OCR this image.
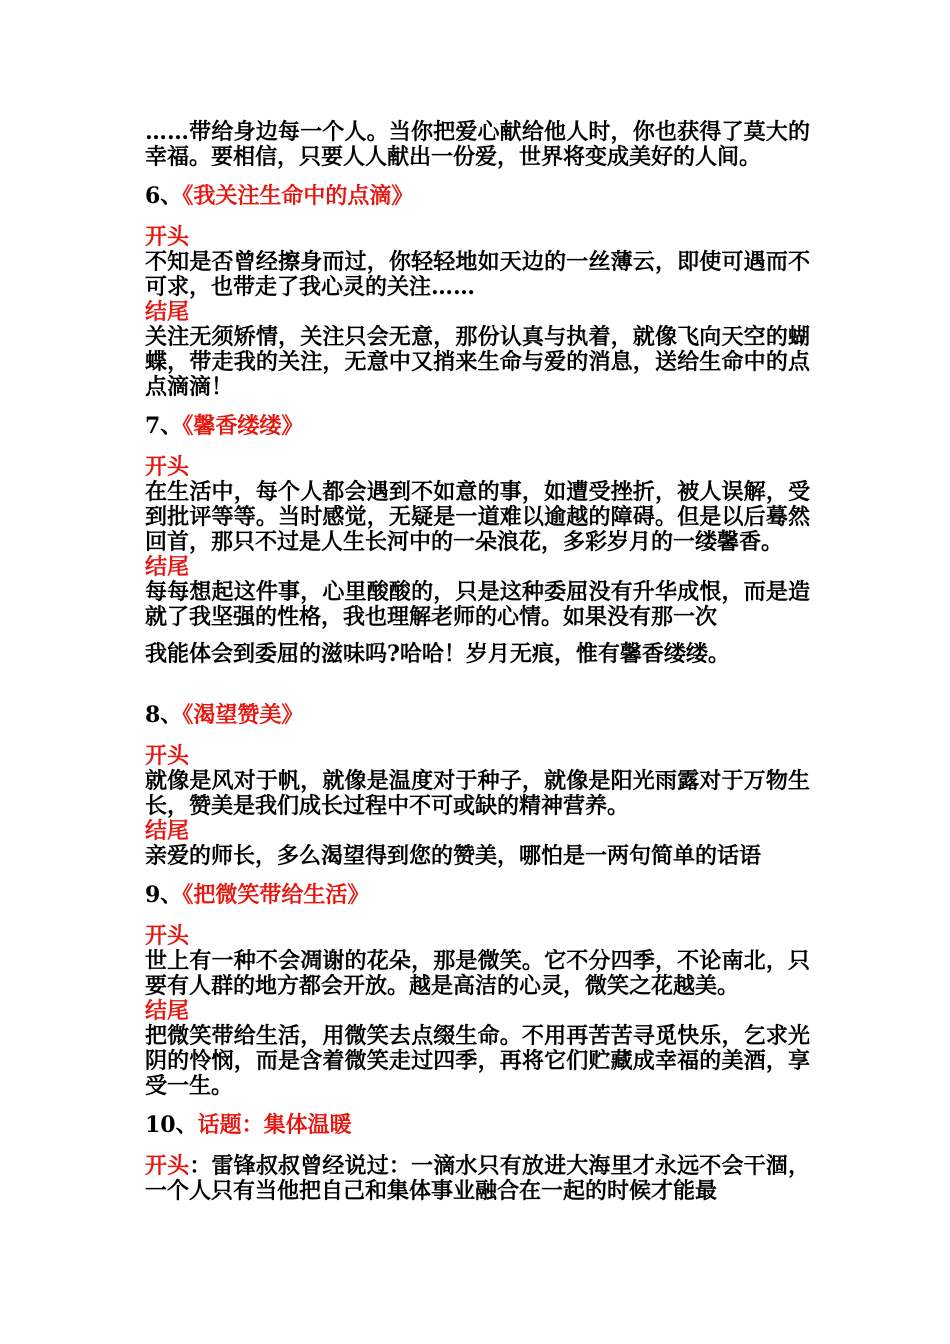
……带给身边每一个人。当你把爱心献给他人时，你也获得了莫大的幸福。要相信，只要人人献出一份爱，世界将变成美好的人间。

6、《我关注生命中的点滴》

开头

不知是否曾经擦身而过，你轻轻地如天边的一丝薄云，即使可遇而不可求，也带走了我心灵的关注……

结尾

关注无须矫情，关注只会无意，那份认真与执着，就像飞向天空的蝴蝶，带走我的关注，无意中又捎来生命与爱的消息，送给生命中的点点滴滴！

7、《馨香缕缕》

开头

在生活中，每个人都会遇到不如意的事，如遭受挫折，被人误解，受到批评等等。当时感觉，无疑是一道难以逾越的障碍。但是以后蓦然回首，那只不过是人生长河中的一朵浪花，多彩岁月的一缕馨香。

结尾

每每想起这件事，心里酸酸的，只是这种委屈没有升华成恨，而是造就了我坚强的性格，我也理解老师的心情。如果没有那一次

我能体会到委屈的滋味吗?哈哈！岁月无痕，惟有馨香缕缕。

8、《渴望赞美》

开头

就像是风对于帆，就像是温度对于种子，就像是阳光雨露对于万物生长，赞美是我们成长过程中不可或缺的精神营养。

结尾

亲爱的师长，多么渴望得到您的赞美，哪怕是一两句简单的话语

9、《把微笑带给生活》

开头

世上有一种不会凋谢的花朵，那是微笑。它不分四季，不论南北，只要有人群的地方都会开放。越是高洁的心灵，微笑之花越美。

结尾

把微笑带给生活，用微笑去点缀生命。不用再苦苦寻觅快乐，乞求光阴的怜悯，而是含着微笑走过四季，再将它们贮藏成幸福的美酒，享受一生。

10、话题：集体温暖

开头：雷锋叔叔曾经说过：一滴水只有放进大海里才永远不会干涸，一个人只有当他把自己和集体事业融合在一起的时候才能最
